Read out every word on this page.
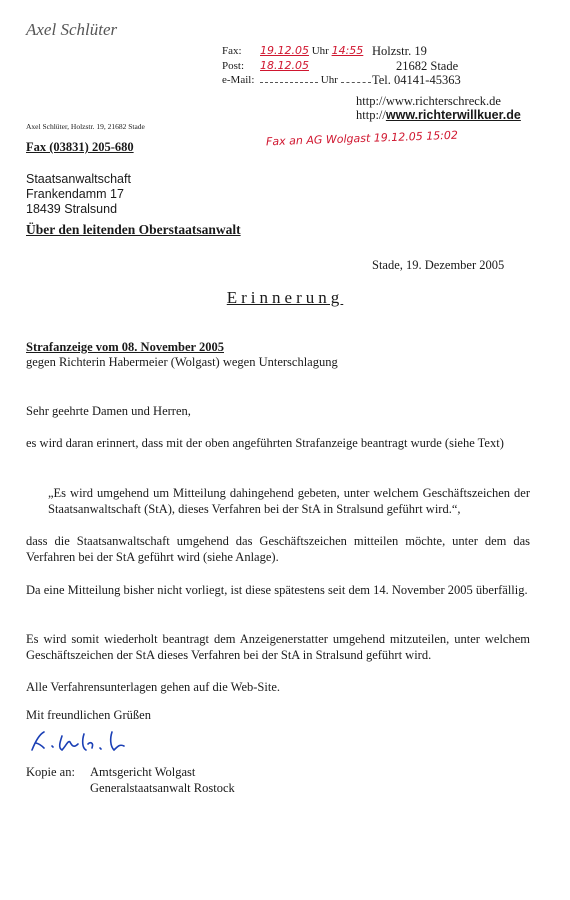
Axel Schlüter
Fax: 19.12.05 Uhr 14:55
Post: 18.12.05
e-Mail:	Uhr
Holzstr. 19
21682 Stade
Tel. 04141-45363
http://www.richterschreck.de
http://www.richterwillkuer.de
Axel Schlüter, Holzstr. 19, 21682 Stade
Fax an AG Wolgast 19.12.05 15:02
Fax (03831) 205-680
Staatsanwaltschaft
Frankendamm 17
18439 Stralsund
Über den leitenden Oberstaatsanwalt
Stade, 19. Dezember 2005
Erinnerung
Strafanzeige vom 08. November 2005
gegen Richterin Habermeier (Wolgast) wegen Unterschlagung
Sehr geehrte Damen und Herren,
es wird daran erinnert, dass mit der oben angeführten Strafanzeige beantragt wurde (siehe Text)
„Es wird umgehend um Mitteilung dahingehend gebeten, unter welchem Geschäftszeichen der Staatsanwaltschaft (StA), dieses Verfahren bei der StA in Stralsund geführt wird.“,
dass die Staatsanwaltschaft umgehend das Geschäftszeichen mitteilen möchte, unter dem das Verfahren bei der StA geführt wird (siehe Anlage).
Da eine Mitteilung bisher nicht vorliegt, ist diese spätestens seit dem 14. November 2005 überfällig.
Es wird somit wiederholt beantragt dem Anzeigenerstatter umgehend mitzuteilen, unter welchem Geschäftszeichen der StA dieses Verfahren bei der StA in Stralsund geführt wird.
Alle Verfahrensunterlagen gehen auf die Web-Site.
Mit freundlichen Grüßen
Kopie an: Amtsgericht Wolgast
Generalstaatsanwalt Rostock
